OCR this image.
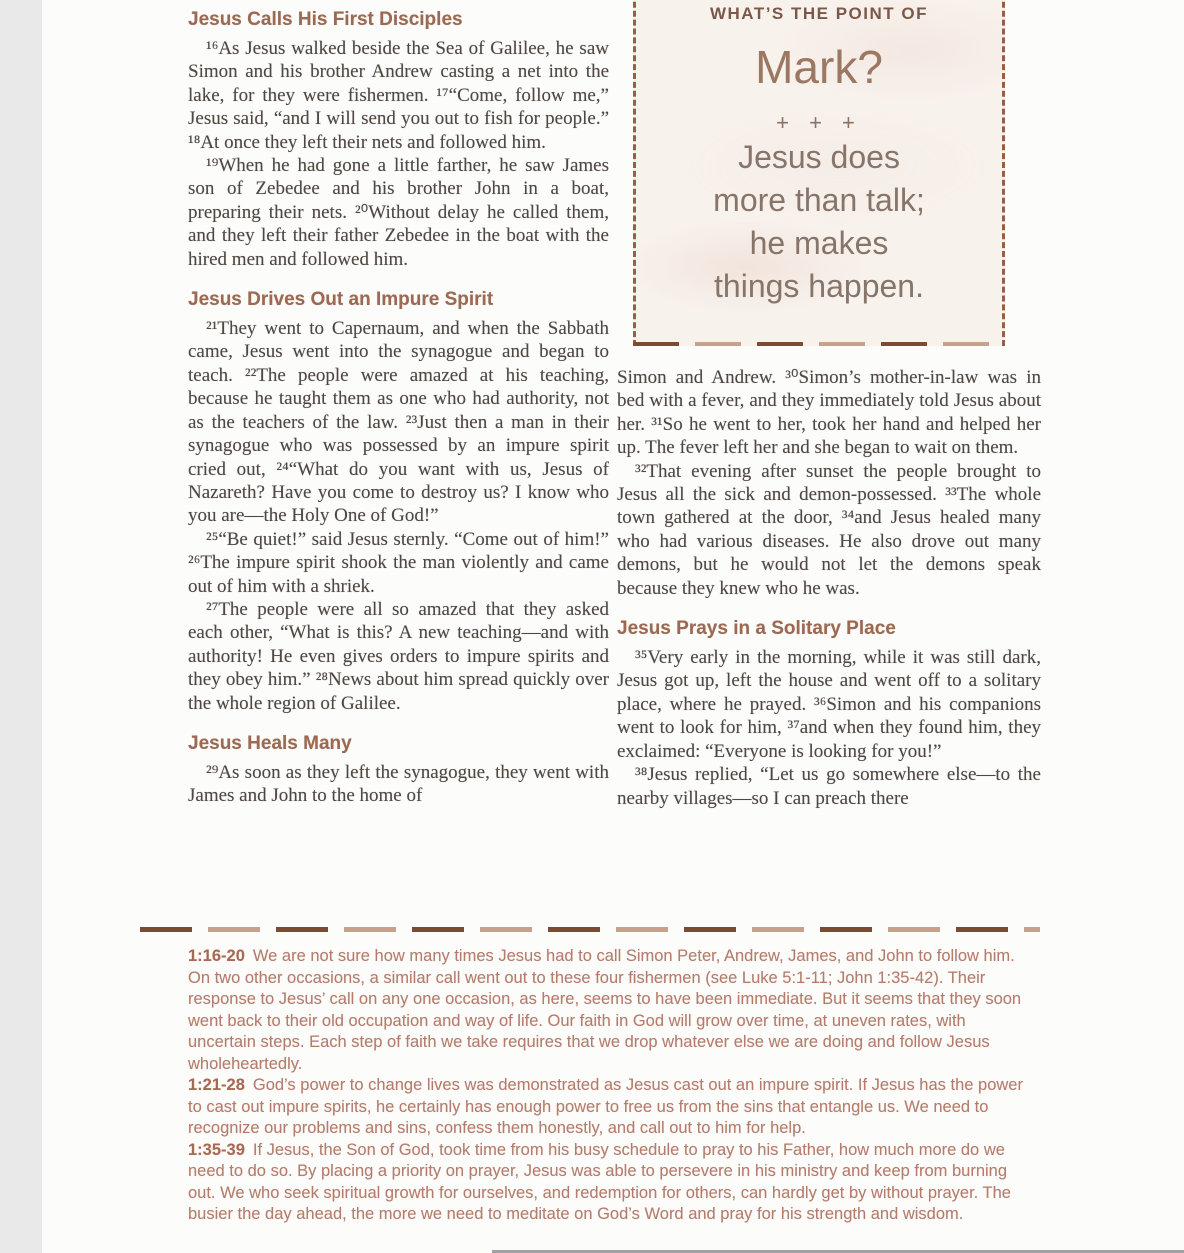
Jesus Calls His First Disciples

¹⁶As Jesus walked beside the Sea of Galilee, he saw Simon and his brother Andrew casting a net into the lake, for they were fishermen. ¹⁷“Come, follow me,” Jesus said, “and I will send you out to fish for people.” ¹⁸At once they left their nets and followed him.

¹⁹When he had gone a little farther, he saw James son of Zebedee and his brother John in a boat, preparing their nets. ²⁰Without delay he called them, and they left their father Zebedee in the boat with the hired men and followed him.

Jesus Drives Out an Impure Spirit

²¹They went to Capernaum, and when the Sabbath came, Jesus went into the synagogue and began to teach. ²²The people were amazed at his teaching, because he taught them as one who had authority, not as the teachers of the law. ²³Just then a man in their synagogue who was possessed by an impure spirit cried out, ²⁴“What do you want with us, Jesus of Nazareth? Have you come to destroy us? I know who you are—the Holy One of God!”

²⁵“Be quiet!” said Jesus sternly. “Come out of him!” ²⁶The impure spirit shook the man violently and came out of him with a shriek.

²⁷The people were all so amazed that they asked each other, “What is this? A new teaching—and with authority! He even gives orders to impure spirits and they obey him.” ²⁸News about him spread quickly over the whole region of Galilee.

Jesus Heals Many

²⁹As soon as they left the synagogue, they went with James and John to the home of

WHAT’S THE POINT OF
Mark?
+ + +
Jesus does
more than talk;
he makes
things happen.

Simon and Andrew. ³⁰Simon’s mother-in-law was in bed with a fever, and they immediately told Jesus about her. ³¹So he went to her, took her hand and helped her up. The fever left her and she began to wait on them.

³²That evening after sunset the people brought to Jesus all the sick and demon-possessed. ³³The whole town gathered at the door, ³⁴and Jesus healed many who had various diseases. He also drove out many demons, but he would not let the demons speak because they knew who he was.

Jesus Prays in a Solitary Place

³⁵Very early in the morning, while it was still dark, Jesus got up, left the house and went off to a solitary place, where he prayed. ³⁶Simon and his companions went to look for him, ³⁷and when they found him, they exclaimed: “Everyone is looking for you!”

³⁸Jesus replied, “Let us go somewhere else—to the nearby villages—so I can preach there

1:16-20 We are not sure how many times Jesus had to call Simon Peter, Andrew, James, and John to follow him. On two other occasions, a similar call went out to these four fishermen (see Luke 5:1-11; John 1:35-42). Their response to Jesus’ call on any one occasion, as here, seems to have been immediate. But it seems that they soon went back to their old occupation and way of life. Our faith in God will grow over time, at uneven rates, with uncertain steps. Each step of faith we take requires that we drop whatever else we are doing and follow Jesus wholeheartedly.

1:21-28 God’s power to change lives was demonstrated as Jesus cast out an impure spirit. If Jesus has the power to cast out impure spirits, he certainly has enough power to free us from the sins that entangle us. We need to recognize our problems and sins, confess them honestly, and call out to him for help.

1:35-39 If Jesus, the Son of God, took time from his busy schedule to pray to his Father, how much more do we need to do so. By placing a priority on prayer, Jesus was able to persevere in his ministry and keep from burning out. We who seek spiritual growth for ourselves, and redemption for others, can hardly get by without prayer. The busier the day ahead, the more we need to meditate on God’s Word and pray for his strength and wisdom.
